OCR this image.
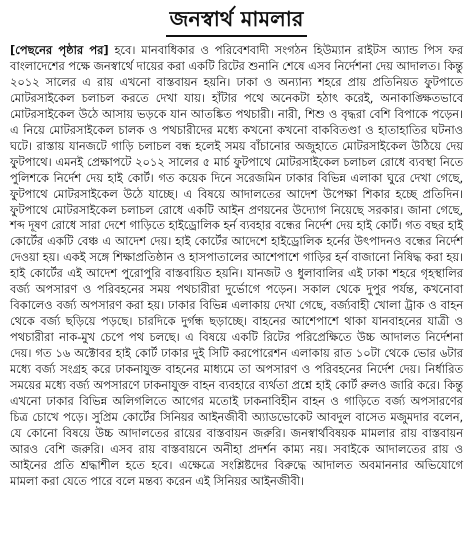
জনস্বার্থ মামলার

[পেছনের পৃষ্ঠার পর] হবে। মানবাধিকার ও পরিবেশবাদী সংগঠন হিউম্যান রাইটস অ্যান্ড পিস ফর বাংলাদেশের পক্ষে জনস্বার্থে দায়ের করা একটি রিটের শুনানি শেষে এসব নির্দেশনা দেয় আদালত। কিন্তু ২০১২ সালের এ রায় এখনো বাস্তবায়ন হয়নি। ঢাকা ও অন্যান্য শহরে প্রায় প্রতিনিয়ত ফুটপাতে মোটরসাইকেল চলাচল করতে দেখা যায়। হাঁটার পথে অনেকটা হঠাৎ করেই, অনাকাঙ্ক্ষিতভাবে মোটরসাইকেল উঠে আসায় ভড়কে যান আতঙ্কিত পথচারী। নারী, শিশু ও বৃদ্ধরা বেশি বিপাকে পড়েন। এ নিয়ে মোটরসাইকেল চালক ও পথচারীদের মধ্যে কখনো কখনো বাকবিতণ্ডা ও হাতাহাতির ঘটনাও ঘটে। রাস্তায় যানজটে গাড়ি চলাচল বন্ধ হলেই সময় বাঁচানোর অজুহাতে মোটরসাইকেল উঠিয়ে দেয় ফুটপাথে। এমনই প্রেক্ষাপটে ২০১২ সালের ৫ মার্চ ফুটপাথে মোটরসাইকেল চলাচল রোধে ব্যবস্থা নিতে পুলিশকে নির্দেশ দেয় হাই কোর্ট। গত কয়েক দিনে সরেজমিন ঢাকার বিভিন্ন এলাকা ঘুরে দেখা গেছে, ফুটপাথে মোটরসাইকেল উঠে যাচ্ছে। এ বিষয়ে আদালতের আদেশ উপেক্ষা শিকার হচ্ছে প্রতিদিন। ফুটপাথে মোটরসাইকেল চলাচল রোধে একটি আইন প্রণয়নের উদ্যোগ নিয়েছে সরকার। জানা গেছে, শব্দ দূষণ রোধে সারা দেশে গাড়িতে হাইড্রোলিক হর্ন ব্যবহার বন্ধের নির্দেশ দেয় হাই কোর্ট। গত বছর হাই কোর্টের একটি বেঞ্চ এ আদেশ দেয়। হাই কোর্টের আদেশে হাইড্রোলিক হর্নের উৎপাদনও বন্ধের নির্দেশ দেওয়া হয়। একই সঙ্গে শিক্ষাপ্রতিষ্ঠান ও হাসপাতালের আশেপাশে গাড়ির হর্ন বাজানো নিষিদ্ধ করা হয়। হাই কোর্টের এই আদেশ পুরোপুরি বাস্তবায়িত হয়নি। যানজট ও ধুলাবালির এই ঢাকা শহরে গৃহস্থালির বর্জ্য অপসারণ ও পরিবহনের সময় পথচারীরা দুর্ভোগে পড়েন। সকাল থেকে দুপুর পর্যন্ত, কখনোবা বিকালেও বর্জ্য অপসারণ করা হয়। ঢাকার বিভিন্ন এলাকায় দেখা গেছে, বর্জ্যবাহী খোলা ট্রাক ও বাহন থেকে বর্জ্য ছড়িয়ে পড়ছে। চারদিকে দুর্গন্ধ ছড়াচ্ছে। বাহনের আশেপাশে থাকা যানবাহনের যাত্রী ও পথচারীরা নাক-মুখ চেপে পথ চলছে। এ বিষয়ে একটি রিটের পরিপ্রেক্ষিতে উচ্চ আদালত নির্দেশনা দেয়। গত ১৬ অক্টোবর হাই কোর্ট ঢাকার দুই সিটি করপোরেশন এলাকায় রাত ১০টা থেকে ভোর ৬টার মধ্যে বর্জ্য সংগ্রহ করে ঢাকনাযুক্ত বাহনের মাধ্যমে তা অপসারণ ও পরিবহনের নির্দেশ দেয়। নির্ধারিত সময়ের মধ্যে বর্জ্য অপসারণে ঢাকনাযুক্ত বাহন ব্যবহারে ব্যর্থতা প্রশ্নে হাই কোর্ট রুলও জারি করে। কিন্তু এখনো ঢাকার বিভিন্ন অলিগলিতে আগের মতোই ঢাকনাবিহীন বাহন ও গাড়িতে বর্জ্য অপসারণের চিত্র চোখে পড়ে। সুপ্রিম কোর্টের সিনিয়র আইনজীবী অ্যাডভোকেট আবদুল বাসেত মজুমদার বলেন, যে কোনো বিষয়ে উচ্চ আদালতের রায়ের বাস্তবায়ন জরুরি। জনস্বার্থবিষয়ক মামলার রায় বাস্তবায়ন আরও বেশি জরুরি। এসব রায় বাস্তবায়নে অনীহা প্রদর্শন কাম্য নয়। সবাইকে আদালতের রায় ও আইনের প্রতি শ্রদ্ধাশীল হতে হবে। এক্ষেত্রে সংশ্লিষ্টদের বিরুদ্ধে আদালত অবমাননার অভিযোগে মামলা করা যেতে পারে বলে মন্তব্য করেন এই সিনিয়র আইনজীবী।
